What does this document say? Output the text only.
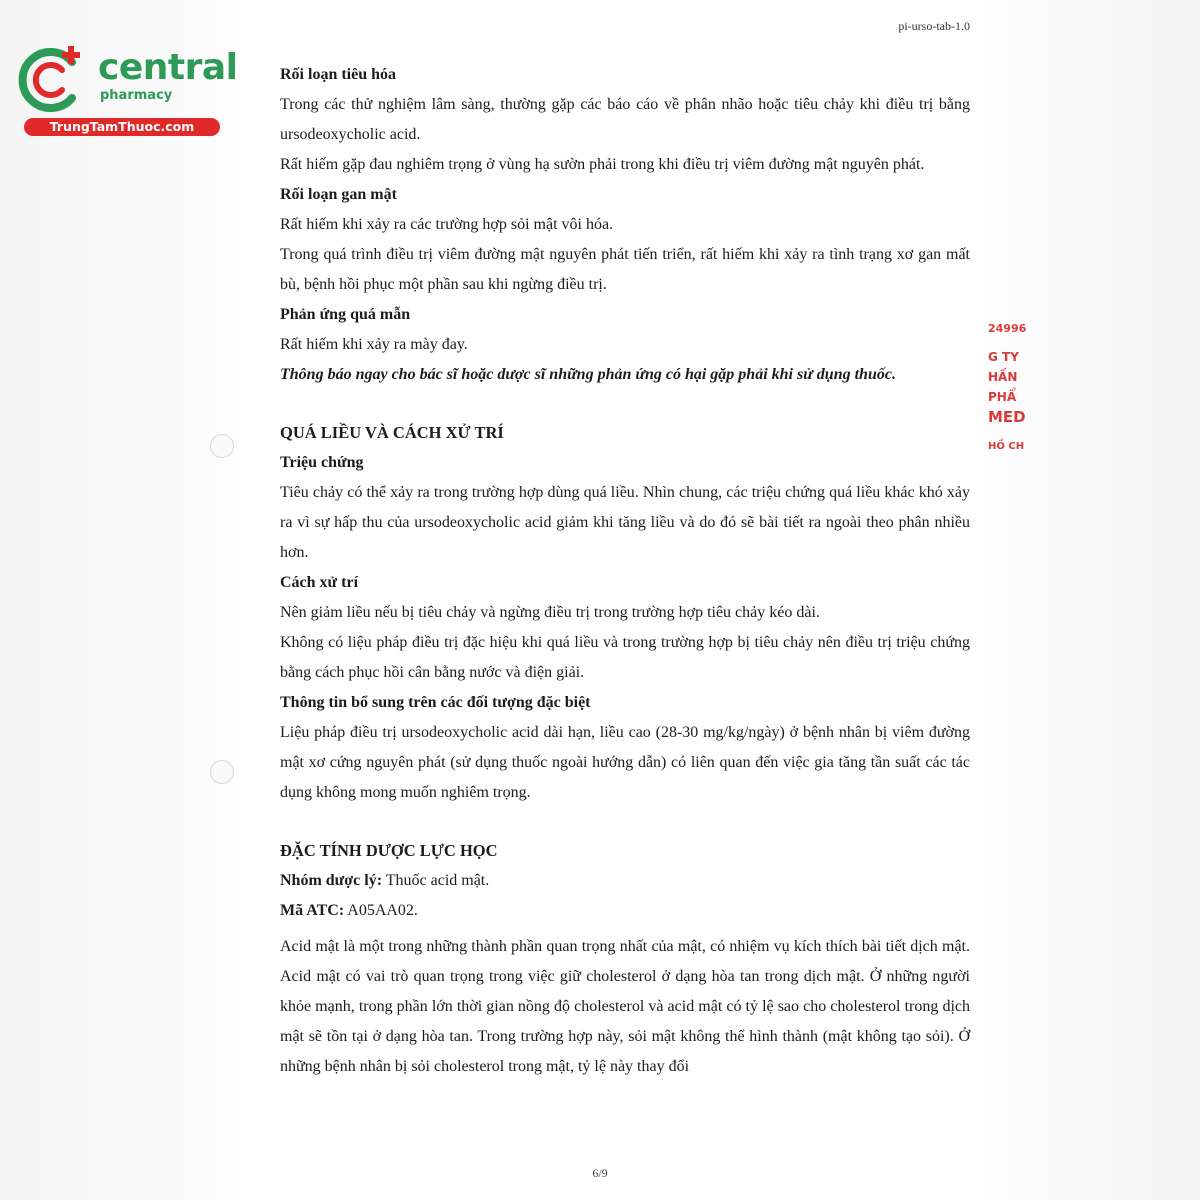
central
pharmacy
TrungTamThuoc.com
pi-urso-tab-1.0
24996
G TY
HẤN
PHẨ
MED
HỒ CH

Rối loạn tiêu hóa

Trong các thử nghiệm lâm sàng, thường gặp các báo cáo về phân nhão hoặc tiêu chảy khi điều trị bằng ursodeoxycholic acid.

Rất hiếm gặp đau nghiêm trọng ở vùng hạ sườn phải trong khi điều trị viêm đường mật nguyên phát.

Rối loạn gan mật

Rất hiếm khi xảy ra các trường hợp sỏi mật vôi hóa.

Trong quá trình điều trị viêm đường mật nguyên phát tiến triển, rất hiếm khi xảy ra tình trạng xơ gan mất bù, bệnh hồi phục một phần sau khi ngừng điều trị.

Phản ứng quá mẫn

Rất hiếm khi xảy ra mày đay.

Thông báo ngay cho bác sĩ hoặc dược sĩ những phản ứng có hại gặp phải khi sử dụng thuốc.

QUÁ LIỀU VÀ CÁCH XỬ TRÍ

Triệu chứng

Tiêu chảy có thể xảy ra trong trường hợp dùng quá liều. Nhìn chung, các triệu chứng quá liều khác khó xảy ra vì sự hấp thu của ursodeoxycholic acid giảm khi tăng liều và do đó sẽ bài tiết ra ngoài theo phân nhiều hơn.

Cách xử trí

Nên giảm liều nếu bị tiêu chảy và ngừng điều trị trong trường hợp tiêu chảy kéo dài.

Không có liệu pháp điều trị đặc hiệu khi quá liều và trong trường hợp bị tiêu chảy nên điều trị triệu chứng bằng cách phục hồi cân bằng nước và điện giải.

Thông tin bổ sung trên các đối tượng đặc biệt

Liệu pháp điều trị ursodeoxycholic acid dài hạn, liều cao (28-30 mg/kg/ngày) ở bệnh nhân bị viêm đường mật xơ cứng nguyên phát (sử dụng thuốc ngoài hướng dẫn) có liên quan đến việc gia tăng tần suất các tác dụng không mong muốn nghiêm trọng.

ĐẶC TÍNH DƯỢC LỰC HỌC

Nhóm dược lý: Thuốc acid mật.

Mã ATC: A05AA02.

Acid mật là một trong những thành phần quan trọng nhất của mật, có nhiệm vụ kích thích bài tiết dịch mật. Acid mật có vai trò quan trọng trong việc giữ cholesterol ở dạng hòa tan trong dịch mật. Ở những người khỏe mạnh, trong phần lớn thời gian nồng độ cholesterol và acid mật có tỷ lệ sao cho cholesterol trong dịch mật sẽ tồn tại ở dạng hòa tan. Trong trường hợp này, sỏi mật không thể hình thành (mật không tạo sỏi). Ở những bệnh nhân bị sỏi cholesterol trong mật, tỷ lệ này thay đổi

6/9
